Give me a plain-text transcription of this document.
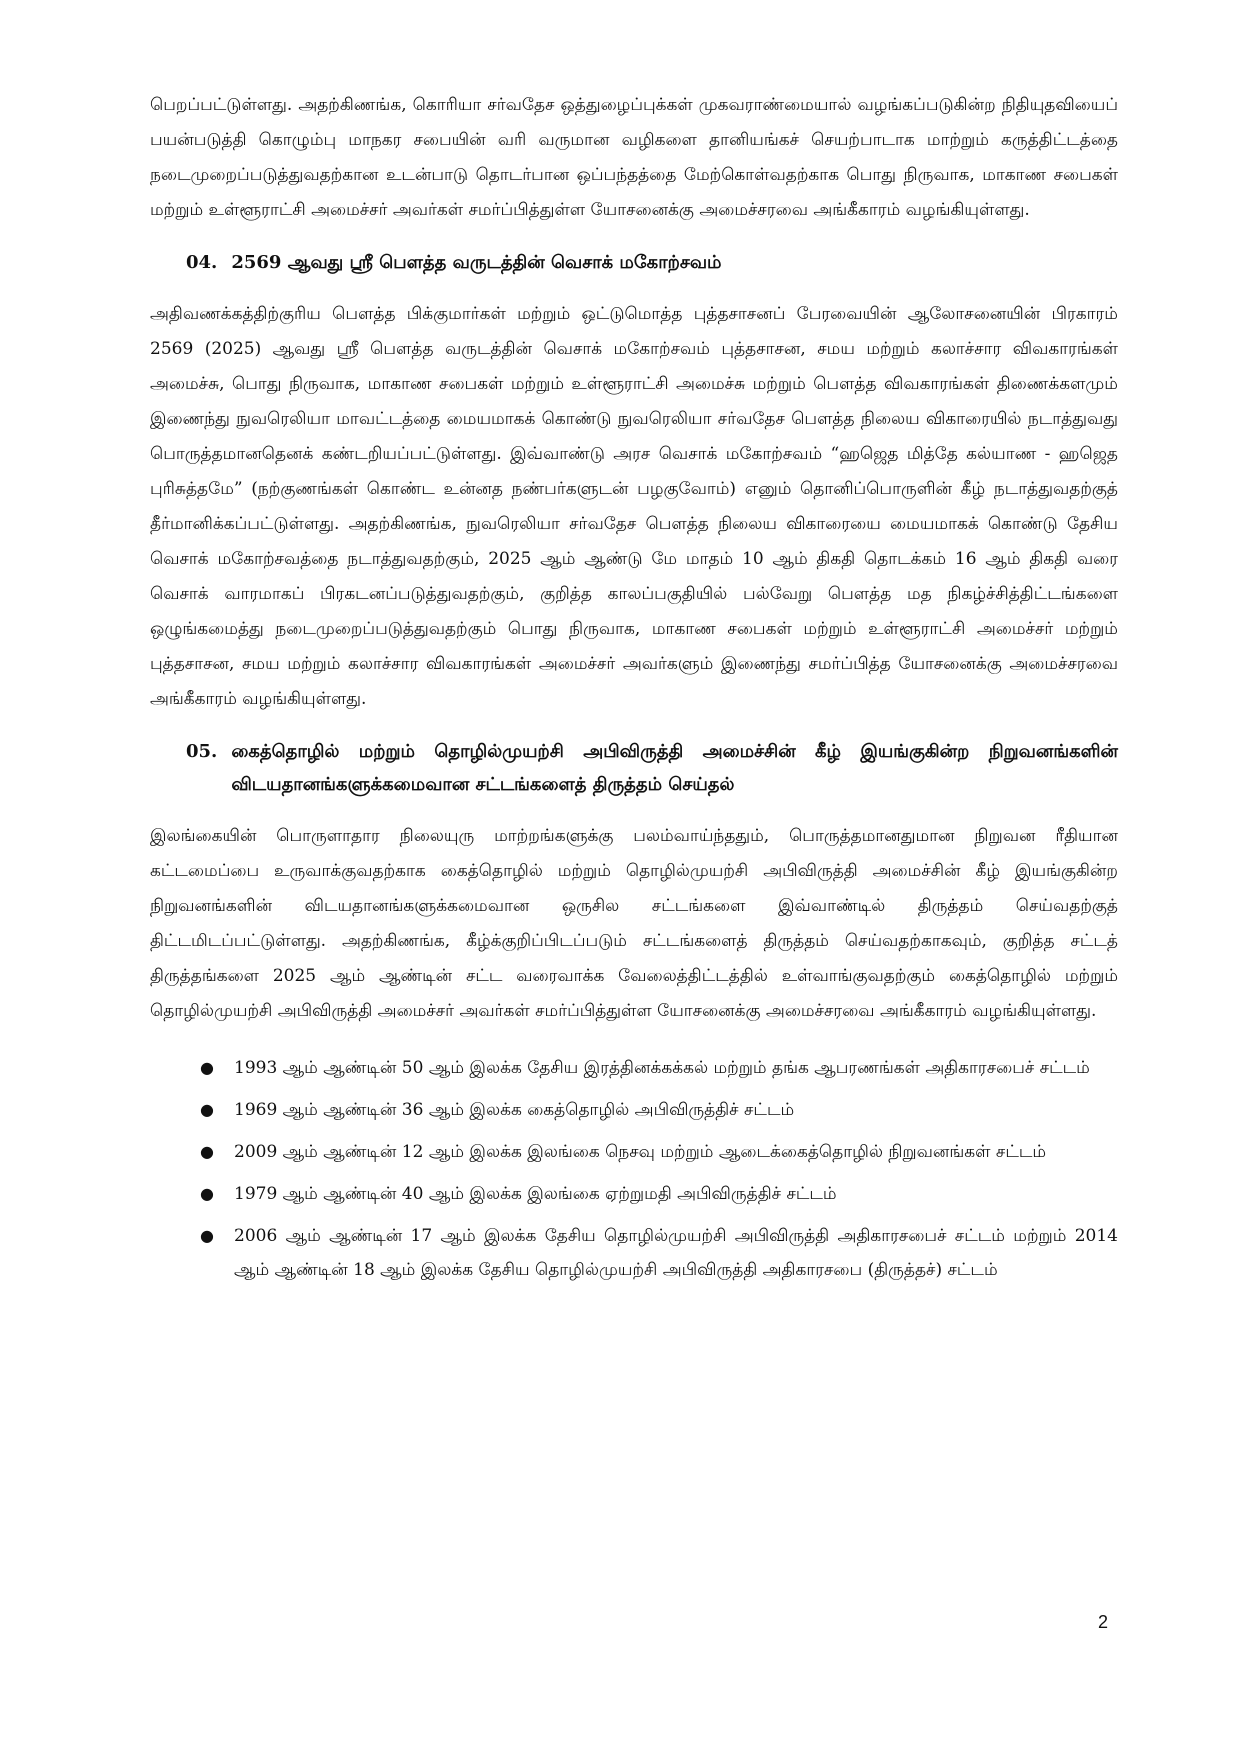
பெறப்பட்டுள்ளது. அதற்கிணங்க, கொரியா சர்வதேச ஒத்துழைப்புக்கள் முகவராண்மையால் வழங்கப்படுகின்ற நிதியுதவியைப் பயன்படுத்தி கொழும்பு மாநகர சபையின் வரி வருமான வழிகளை தானியங்கச் செயற்பாடாக மாற்றும் கருத்திட்டத்தை நடைமுறைப்படுத்துவதற்கான உடன்பாடு தொடர்பான ஒப்பந்தத்தை மேற்கொள்வதற்காக பொது நிருவாக, மாகாண சபைகள் மற்றும் உள்ளூராட்சி அமைச்சர் அவர்கள் சமர்ப்பித்துள்ள யோசனைக்கு அமைச்சரவை அங்கீகாரம் வழங்கியுள்ளது.

04. 2569 ஆவது ஸ்ரீ பௌத்த வருடத்தின் வெசாக் மகோற்சவம்

அதிவணக்கத்திற்குரிய பௌத்த பிக்குமார்கள் மற்றும் ஒட்டுமொத்த புத்தசாசனப் பேரவையின் ஆலோசனையின் பிரகாரம் 2569 (2025) ஆவது ஸ்ரீ பௌத்த வருடத்தின் வெசாக் மகோற்சவம் புத்தசாசன, சமய மற்றும் கலாச்சார விவகாரங்கள் அமைச்சு, பொது நிருவாக, மாகாண சபைகள் மற்றும் உள்ளூராட்சி அமைச்சு மற்றும் பௌத்த விவகாரங்கள் திணைக்களமும் இணைந்து நுவரெலியா மாவட்டத்தை மையமாகக் கொண்டு நுவரெலியா சர்வதேச பௌத்த நிலைய விகாரையில் நடாத்துவது பொருத்தமானதெனக் கண்டறியப்பட்டுள்ளது. இவ்வாண்டு அரச வெசாக் மகோற்சவம் “ஹஜெத மித்தே கல்யாண - ஹஜெத புரிசுத்தமே” (நற்குணங்கள் கொண்ட உன்னத நண்பர்களுடன் பழகுவோம்) எனும் தொனிப்பொருளின் கீழ் நடாத்துவதற்குத் தீர்மானிக்கப்பட்டுள்ளது. அதற்கிணங்க, நுவரெலியா சர்வதேச பௌத்த நிலைய விகாரையை மையமாகக் கொண்டு தேசிய வெசாக் மகோற்சவத்தை நடாத்துவதற்கும், 2025 ஆம் ஆண்டு மே மாதம் 10 ஆம் திகதி தொடக்கம் 16 ஆம் திகதி வரை வெசாக் வாரமாகப் பிரகடனப்படுத்துவதற்கும், குறித்த காலப்பகுதியில் பல்வேறு பௌத்த மத நிகழ்ச்சித்திட்டங்களை ஒழுங்கமைத்து நடைமுறைப்படுத்துவதற்கும் பொது நிருவாக, மாகாண சபைகள் மற்றும் உள்ளூராட்சி அமைச்சர் மற்றும் புத்தசாசன, சமய மற்றும் கலாச்சார விவகாரங்கள் அமைச்சர் அவர்களும் இணைந்து சமர்ப்பித்த யோசனைக்கு அமைச்சரவை அங்கீகாரம் வழங்கியுள்ளது.

05. கைத்தொழில் மற்றும் தொழில்முயற்சி அபிவிருத்தி அமைச்சின் கீழ் இயங்குகின்ற நிறுவனங்களின் விடயதானங்களுக்கமைவான சட்டங்களைத் திருத்தம் செய்தல்

இலங்கையின் பொருளாதார நிலையுரு மாற்றங்களுக்கு பலம்வாய்ந்ததும், பொருத்தமானதுமான நிறுவன ரீதியான கட்டமைப்பை உருவாக்குவதற்காக கைத்தொழில் மற்றும் தொழில்முயற்சி அபிவிருத்தி அமைச்சின் கீழ் இயங்குகின்ற நிறுவனங்களின் விடயதானங்களுக்கமைவான ஒருசில சட்டங்களை இவ்வாண்டில் திருத்தம் செய்வதற்குத் திட்டமிடப்பட்டுள்ளது. அதற்கிணங்க, கீழ்க்குறிப்பிடப்படும் சட்டங்களைத் திருத்தம் செய்வதற்காகவும், குறித்த சட்டத் திருத்தங்களை 2025 ஆம் ஆண்டின் சட்ட வரைவாக்க வேலைத்திட்டத்தில் உள்வாங்குவதற்கும் கைத்தொழில் மற்றும் தொழில்முயற்சி அபிவிருத்தி அமைச்சர் அவர்கள் சமர்ப்பித்துள்ள யோசனைக்கு அமைச்சரவை அங்கீகாரம் வழங்கியுள்ளது.

●	1993 ஆம் ஆண்டின் 50 ஆம் இலக்க தேசிய இரத்தினக்கக்கல் மற்றும் தங்க ஆபரணங்கள் அதிகாரசபைச் சட்டம்
●	1969 ஆம் ஆண்டின் 36 ஆம் இலக்க கைத்தொழில் அபிவிருத்திச் சட்டம்
●	2009 ஆம் ஆண்டின் 12 ஆம் இலக்க இலங்கை நெசவு மற்றும் ஆடைக்கைத்தொழில் நிறுவனங்கள் சட்டம்
●	1979 ஆம் ஆண்டின் 40 ஆம் இலக்க இலங்கை ஏற்றுமதி அபிவிருத்திச் சட்டம்
●	2006 ஆம் ஆண்டின் 17 ஆம் இலக்க தேசிய தொழில்முயற்சி அபிவிருத்தி அதிகாரசபைச் சட்டம் மற்றும் 2014 ஆம் ஆண்டின் 18 ஆம் இலக்க தேசிய தொழில்முயற்சி அபிவிருத்தி அதிகாரசபை (திருத்தச்) சட்டம்
2
